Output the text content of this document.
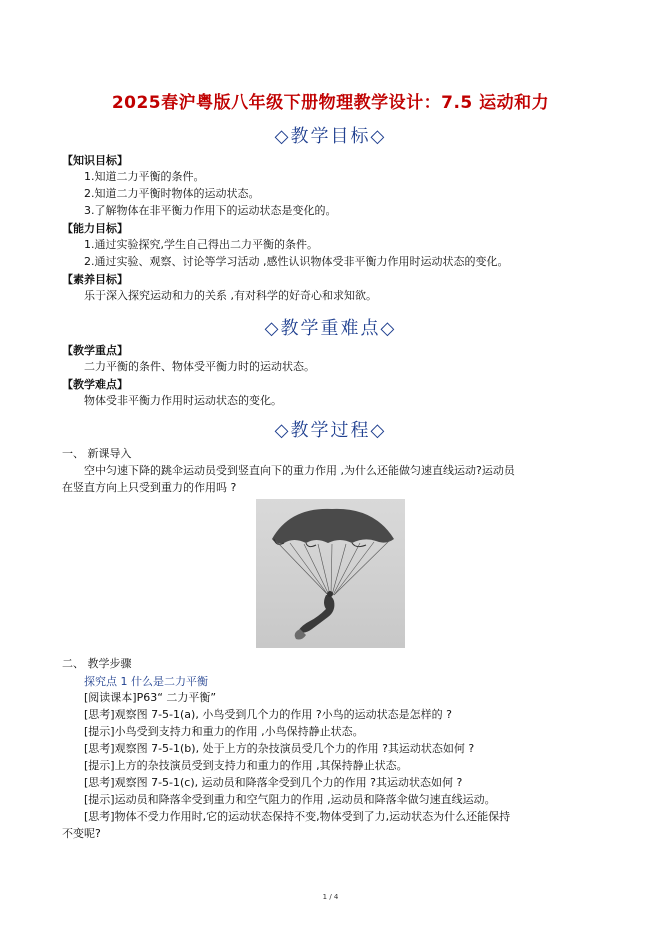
2025春沪粤版八年级下册物理教学设计：7.5 运动和力
◇教学目标◇
【知识目标】
1.知道二力平衡的条件。
2.知道二力平衡时物体的运动状态。
3.了解物体在非平衡力作用下的运动状态是变化的。
【能力目标】
1.通过实验探究,学生自己得出二力平衡的条件。
2.通过实验、观察、讨论等学习活动 ,感性认识物体受非平衡力作用时运动状态的变化。
【素养目标】
乐于深入探究运动和力的关系 ,有对科学的好奇心和求知欲。
◇教学重难点◇
【教学重点】
二力平衡的条件、物体受平衡力时的运动状态。
【教学难点】
物体受非平衡力作用时运动状态的变化。
◇教学过程◇
一、 新课导入
空中匀速下降的跳伞运动员受到竖直向下的重力作用 ,为什么还能做匀速直线运动?运动员
在竖直方向上只受到重力的作用吗 ?
二、 教学步骤
探究点 1 什么是二力平衡
[阅读课本]P63“ 二力平衡”
[思考]观察图 7-5-1(a), 小鸟受到几个力的作用 ?小鸟的运动状态是怎样的 ?
[提示]小鸟受到支持力和重力的作用 ,小鸟保持静止状态。
[思考]观察图 7-5-1(b), 处于上方的杂技演员受几个力的作用 ?其运动状态如何 ?
[提示]上方的杂技演员受到支持力和重力的作用 ,其保持静止状态。
[思考]观察图 7-5-1(c), 运动员和降落伞受到几个力的作用 ?其运动状态如何 ?
[提示]运动员和降落伞受到重力和空气阻力的作用 ,运动员和降落伞做匀速直线运动。
[思考]物体不受力作用时,它的运动状态保持不变,物体受到了力,运动状态为什么还能保持
不变呢?
1 / 4
